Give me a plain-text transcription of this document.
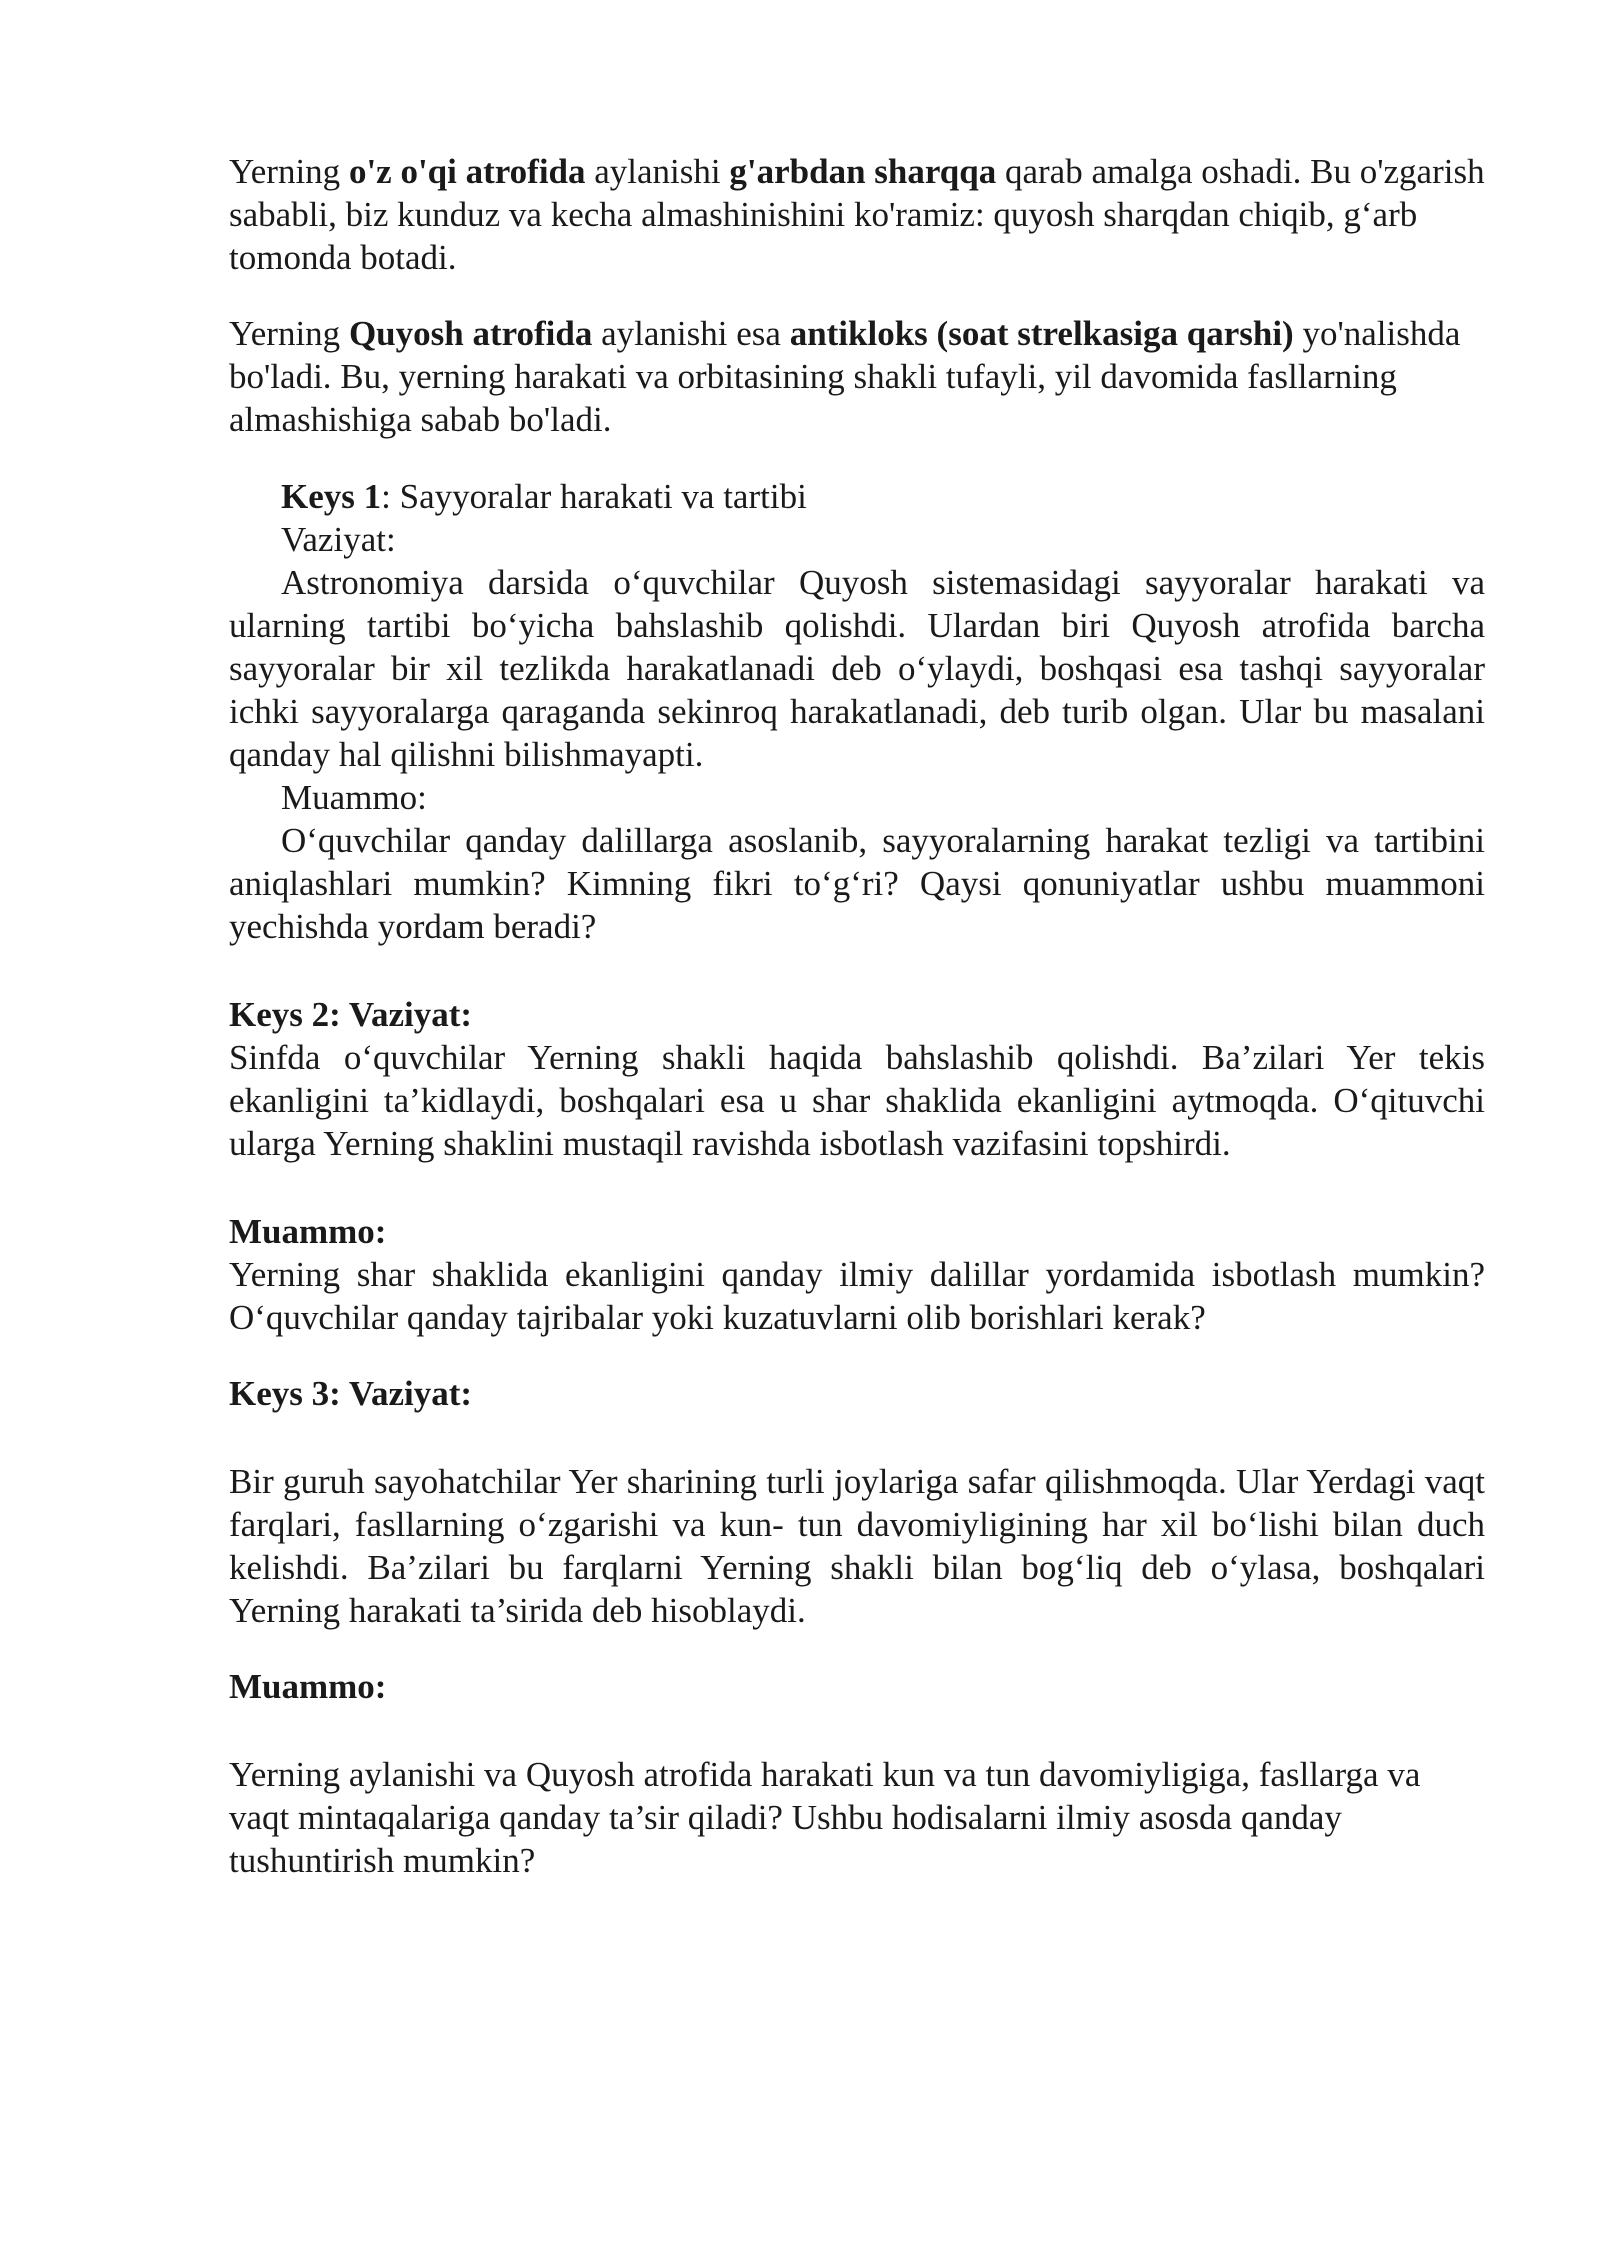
Yerning o'z o'qi atrofida aylanishi g'arbdan sharqqa qarab amalga oshadi. Bu o'zgarish sababli, biz kunduz va kecha almashinishini ko'ramiz: quyosh sharqdan chiqib, g‘arb tomonda botadi.

Yerning Quyosh atrofida aylanishi esa antikloks (soat strelkasiga qarshi) yo'nalishda bo'ladi. Bu, yerning harakati va orbitasining shakli tufayli, yil davomida fasllarning almashishiga sabab bo'ladi.

Keys 1: Sayyoralar harakati va tartibi

Vaziyat:

Astronomiya darsida o‘quvchilar Quyosh sistemasidagi sayyoralar harakati va ularning tartibi bo‘yicha bahslashib qolishdi. Ulardan biri Quyosh atrofida barcha sayyoralar bir xil tezlikda harakatlanadi deb o‘ylaydi, boshqasi esa tashqi sayyoralar ichki sayyoralarga qaraganda sekinroq harakatlanadi, deb turib olgan. Ular bu masalani qanday hal qilishni bilishmayapti.

Muammo:

O‘quvchilar qanday dalillarga asoslanib, sayyoralarning harakat tezligi va tartibini aniqlashlari mumkin? Kimning fikri to‘g‘ri? Qaysi qonuniyatlar ushbu muammoni yechishda yordam beradi?

Keys 2: Vaziyat:

Sinfda o‘quvchilar Yerning shakli haqida bahslashib qolishdi. Ba’zilari Yer tekis ekanligini ta’kidlaydi, boshqalari esa u shar shaklida ekanligini aytmoqda. O‘qituvchi ularga Yerning shaklini mustaqil ravishda isbotlash vazifasini topshirdi.

Muammo:

Yerning shar shaklida ekanligini qanday ilmiy dalillar yordamida isbotlash mumkin? O‘quvchilar qanday tajribalar yoki kuzatuvlarni olib borishlari kerak?

Keys 3: Vaziyat:

Bir guruh sayohatchilar Yer sharining turli joylariga safar qilishmoqda. Ular Yerdagi vaqt farqlari, fasllarning o‘zgarishi va kun- tun davomiyligining har xil bo‘lishi bilan duch kelishdi. Ba’zilari bu farqlarni Yerning shakli bilan bog‘liq deb o‘ylasa, boshqalari Yerning harakati ta’sirida deb hisoblaydi.

Muammo:

Yerning aylanishi va Quyosh atrofida harakati kun va tun davomiyligiga, fasllarga va vaqt mintaqalariga qanday ta’sir qiladi? Ushbu hodisalarni ilmiy asosda qanday tushuntirish mumkin?
